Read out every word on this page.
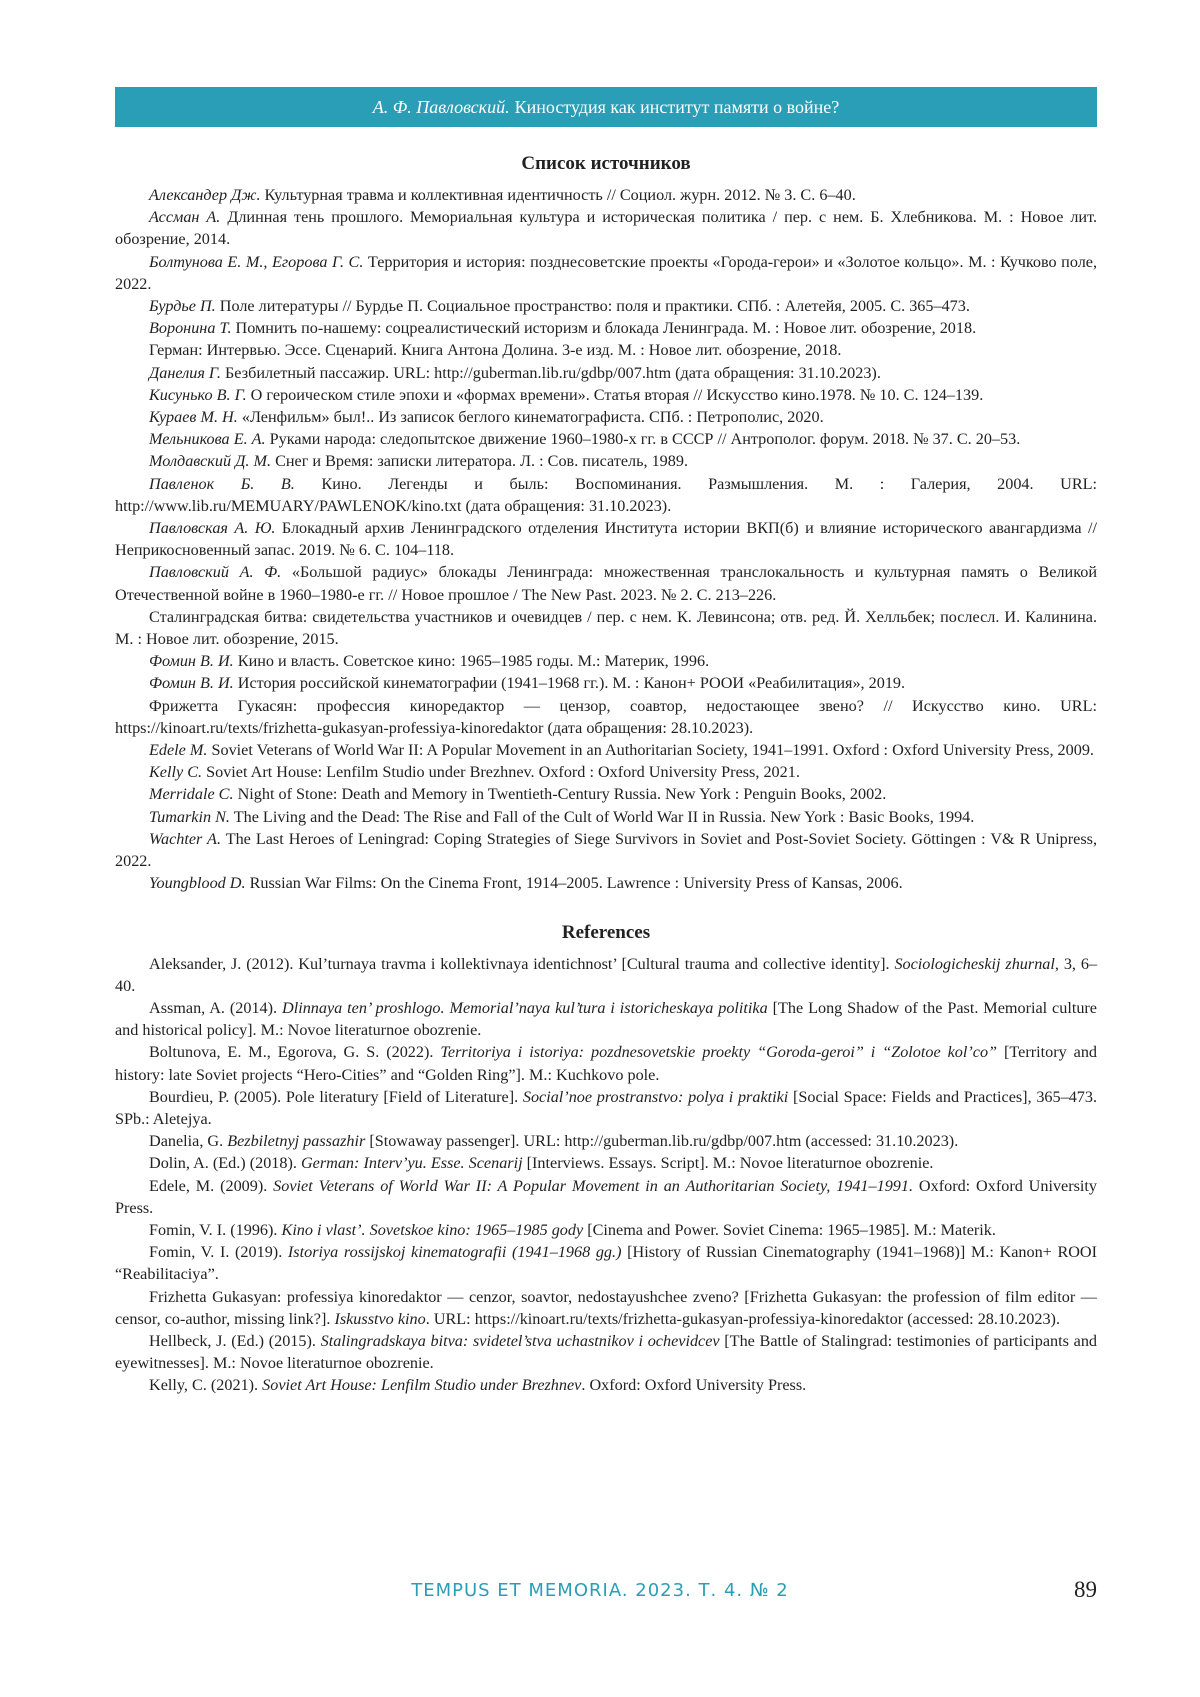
А. Ф. Павловский. Киностудия как институт памяти о войне?
Список источников

Александер Дж. Культурная травма и коллективная идентичность // Социол. журн. 2012. № 3. С. 6–40.

Ассман А. Длинная тень прошлого. Мемориальная культура и историческая политика / пер. с нем. Б. Хлебникова. М. : Новое лит. обозрение, 2014.

Болтунова Е. М., Егорова Г. С. Территория и история: позднесоветские проекты «Города-герои» и «Золотое кольцо». М. : Кучково поле, 2022.

Бурдье П. Поле литературы // Бурдье П. Социальное пространство: поля и практики. СПб. : Алетейя, 2005. С. 365–473.

Воронина Т. Помнить по-нашему: соцреалистический историзм и блокада Ленинграда. М. : Новое лит. обозрение, 2018.

Герман: Интервью. Эссе. Сценарий. Книга Антона Долина. 3-е изд. М. : Новое лит. обозрение, 2018.

Данелия Г. Безбилетный пассажир. URL: http://guberman.lib.ru/gdbp/007.htm (дата обращения: 31.10.2023).

Кисунько В. Г. О героическом стиле эпохи и «формах времени». Статья вторая // Искусство кино.1978. № 10. С. 124–139.

Кураев М. Н. «Ленфильм» был!.. Из записок беглого кинематографиста. СПб. : Петрополис, 2020.

Мельникова Е. А. Руками народа: следопытское движение 1960–1980-х гг. в СССР // Антрополог. форум. 2018. № 37. С. 20–53.

Молдавский Д. М. Снег и Время: записки литератора. Л. : Сов. писатель, 1989.

Павленок Б. В. Кино. Легенды и быль: Воспоминания. Размышления. М. : Галерия, 2004. URL: http://www.lib.ru/MEMUARY/PAWLENOK/kino.txt (дата обращения: 31.10.2023).

Павловская А. Ю. Блокадный архив Ленинградского отделения Института истории ВКП(б) и влияние исторического авангардизма // Неприкосновенный запас. 2019. № 6. С. 104–118.

Павловский А. Ф. «Большой радиус» блокады Ленинграда: множественная транслокальность и культурная память о Великой Отечественной войне в 1960–1980-е гг. // Новое прошлое / The New Past. 2023. № 2. С. 213–226.

Сталинградская битва: свидетельства участников и очевидцев / пер. с нем. К. Левинсона; отв. ред. Й. Хелльбек; послесл. И. Калинина. М. : Новое лит. обозрение, 2015.

Фомин В. И. Кино и власть. Советское кино: 1965–1985 годы. М.: Материк, 1996.

Фомин В. И. История российской кинематографии (1941–1968 гг.). М. : Канон+ РООИ «Реабилитация», 2019.

Фрижетта Гукасян: профессия кинoредактор — цензор, соавтор, недостающее звено? // Искусство кино. URL: https://kinoart.ru/texts/frizhetta-gukasyan-professiya-kinoredaktor (дата обращения: 28.10.2023).

Edele M. Soviet Veterans of World War II: A Popular Movement in an Authoritarian Society, 1941–1991. Oxford : Oxford University Press, 2009.

Kelly C. Soviet Art House: Lenfilm Studio under Brezhnev. Oxford : Oxford University Press, 2021.

Merridale C. Night of Stone: Death and Memory in Twentieth-Century Russia. New York : Penguin Books, 2002.

Tumarkin N. The Living and the Dead: The Rise and Fall of the Cult of World War II in Russia. New York : Basic Books, 1994.

Wachter A. The Last Heroes of Leningrad: Coping Strategies of Siege Survivors in Soviet and Post-Soviet Society. Göttingen : V& R Unipress, 2022.

Youngblood D. Russian War Films: On the Cinema Front, 1914–2005. Lawrence : University Press of Kansas, 2006.

References

Aleksander, J. (2012). Kul’turnaya travma i kollektivnaya identichnost’ [Cultural trauma and collective identity]. Sociologicheskij zhurnal, 3, 6–40.

Assman, A. (2014). Dlinnaya ten’ proshlogo. Memorial’naya kul’tura i istoricheskaya politika [The Long Shadow of the Past. Memorial culture and historical policy]. M.: Novoe literaturnoe obozrenie.

Boltunova, E. M., Egorova, G. S. (2022). Territoriya i istoriya: pozdnesovetskie proekty “Goroda-geroi” i “Zolotoe kol’co” [Territory and history: late Soviet projects “Hero-Cities” and “Golden Ring”]. M.: Kuchkovo pole.

Bourdieu, P. (2005). Pole literatury [Field of Literature]. Social’noe prostranstvo: polya i praktiki [Social Space: Fields and Practices], 365–473. SPb.: Aletejya.

Danelia, G. Bezbiletnyj passazhir [Stowaway passenger]. URL: http://guberman.lib.ru/gdbp/007.htm (accessed: 31.10.2023).

Dolin, A. (Ed.) (2018). German: Interv’yu. Esse. Scenarij [Interviews. Essays. Script]. M.: Novoe literaturnoe obozrenie.

Edele, M. (2009). Soviet Veterans of World War II: A Popular Movement in an Authoritarian Society, 1941–1991. Oxford: Oxford University Press.

Fomin, V. I. (1996). Kino i vlast’. Sovetskoe kino: 1965–1985 gody [Cinema and Power. Soviet Cinema: 1965–1985]. M.: Materik.

Fomin, V. I. (2019). Istoriya rossijskoj kinematografii (1941–1968 gg.) [History of Russian Cinematography (1941–1968)] M.: Kanon+ ROOI “Reabilitaciya”.

Frizhetta Gukasyan: professiya kinoredaktor — cenzor, soavtor, nedostayushchee zveno? [Frizhetta Gukasyan: the profession of film editor — censor, co-author, missing link?]. Iskusstvo kino. URL: https://kinoart.ru/texts/frizhetta-gukasyan-professiya-kinoredaktor (accessed: 28.10.2023).

Hellbeck, J. (Ed.) (2015). Stalingradskaya bitva: svidetel’stva uchastnikov i ochevidcev [The Battle of Stalingrad: testimonies of participants and eyewitnesses]. M.: Novoe literaturnoe obozrenie.

Kelly, C. (2021). Soviet Art House: Lenfilm Studio under Brezhnev. Oxford: Oxford University Press.

TEMPUS ET MEMORIA. 2023. Т. 4. № 2	89
